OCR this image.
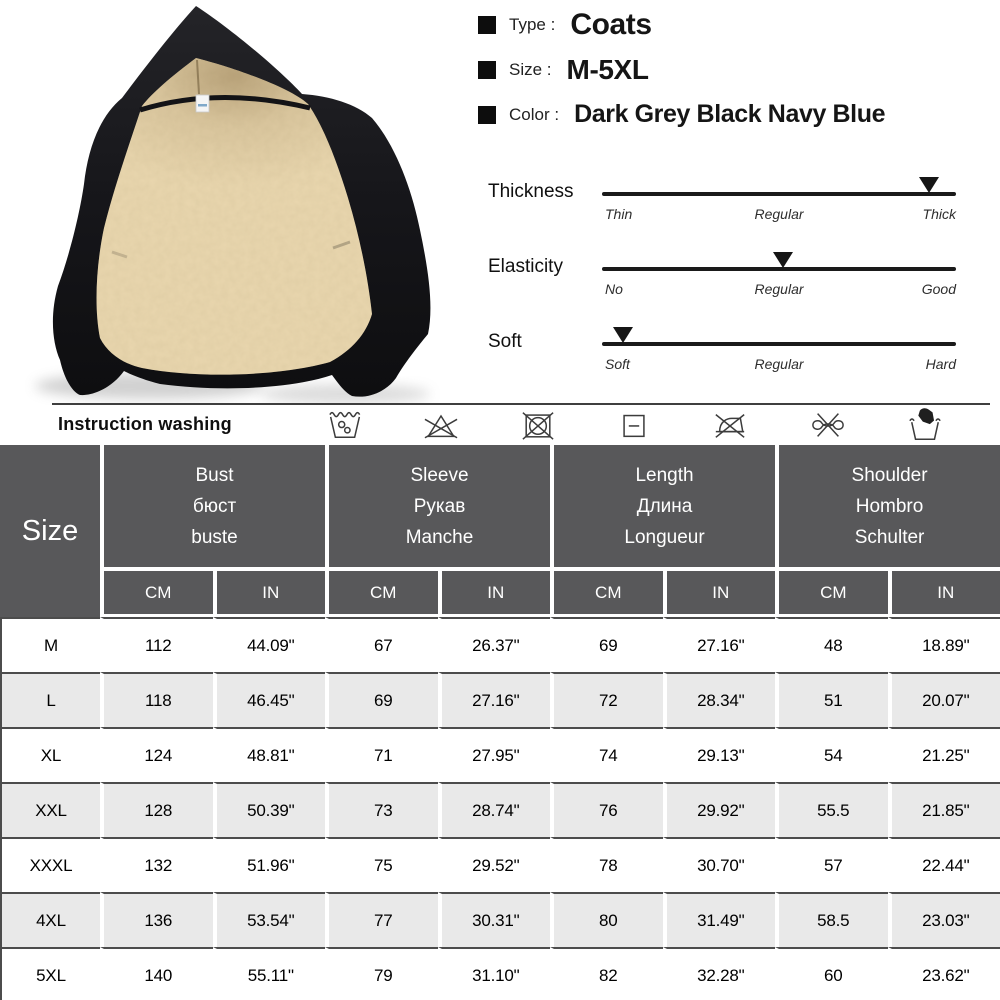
Type : Coats
Size : M-5XL
Color : Dark Grey Black Navy Blue
Thickness
Thin	Regular	Thick
Elasticity
No	Regular	Good
Soft
Soft	Regular	Hard
Instruction washing
Size	
Bust
бюст
buste

Sleeve
Рукав
Manche

Length
Длина
Longueur

Shoulder
Hombro
Schulter

	CM	IN	CM	IN	CM	IN	CM	IN
M	112	44.09"	67	26.37"	69	27.16"	48	18.89"
L	118	46.45"	69	27.16"	72	28.34"	51	20.07"
XL	124	48.81"	71	27.95"	74	29.13"	54	21.25"
XXL	128	50.39"	73	28.74"	76	29.92"	55.5	21.85"
XXXL	132	51.96"	75	29.52"	78	30.70"	57	22.44"
4XL	136	53.54"	77	30.31"	80	31.49"	58.5	23.03"
5XL	140	55.11"	79	31.10"	82	32.28"	60	23.62"
